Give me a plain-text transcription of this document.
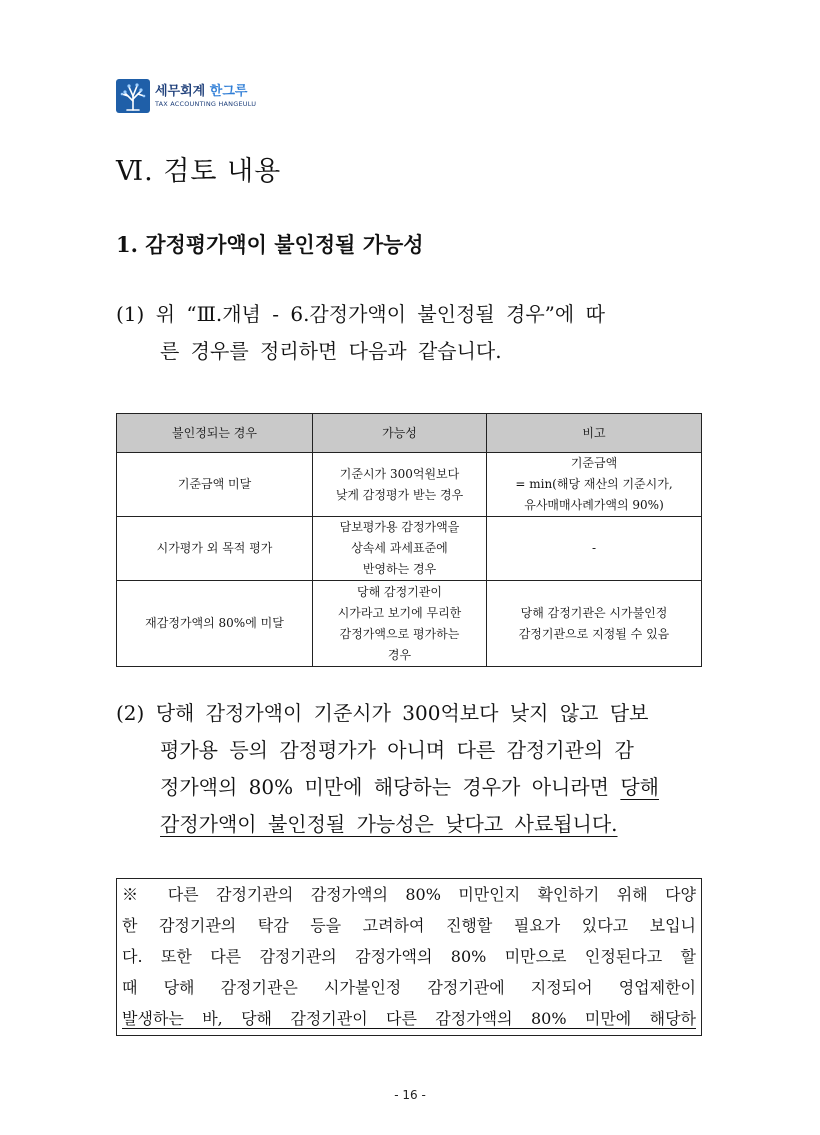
세무회계 한그루
TAX ACCOUNTING HANGEULU
Ⅵ. 검토 내용
1. 감정평가액이 불인정될 가능성
(1) 위 “Ⅲ.개념 - 6.감정가액이 불인정될 경우”에 따

른 경우를 정리하면 다음과 같습니다.
불인정되는 경우	가능성	비고
기준금액 미달	기준시가 300억원보다
낮게 감정평가 받는 경우	기준금액
= min(해당 재산의 기준시가,
유사매매사례가액의 90%)

시가평가 외 목적 평가	담보평가용 감정가액을
상속세 과세표준에
반영하는 경우	-

재감정가액의 80%에 미달	당해 감정기관이
시가라고 보기에 무리한
감정가액으로 평가하는
경우	당해 감정기관은 시가불인정
감정기관으로 지정될 수 있음
(2) 당해 감정가액이 기준시가 300억보다 낮지 않고 담보

평가용 등의 감정평가가 아니며 다른 감정기관의 감
정가액의 80% 미만에 해당하는 경우가 아니라면 당해
감정가액이 불인정될 가능성은 낮다고 사료됩니다.
※ 다른 감정기관의 감정가액의 80% 미만인지 확인하기 위해 다양
한 감정기관의 탁감 등을 고려하여 진행할 필요가 있다고 보입니
다. 또한 다른 감정기관의 감정가액의 80% 미만으로 인정된다고 할
때 당해 감정기관은 시가불인정 감정기관에 지정되어 영업제한이
발생하는 바, 당해 감정기관이 다른 감정가액의 80% 미만에 해당하
- 16 -
